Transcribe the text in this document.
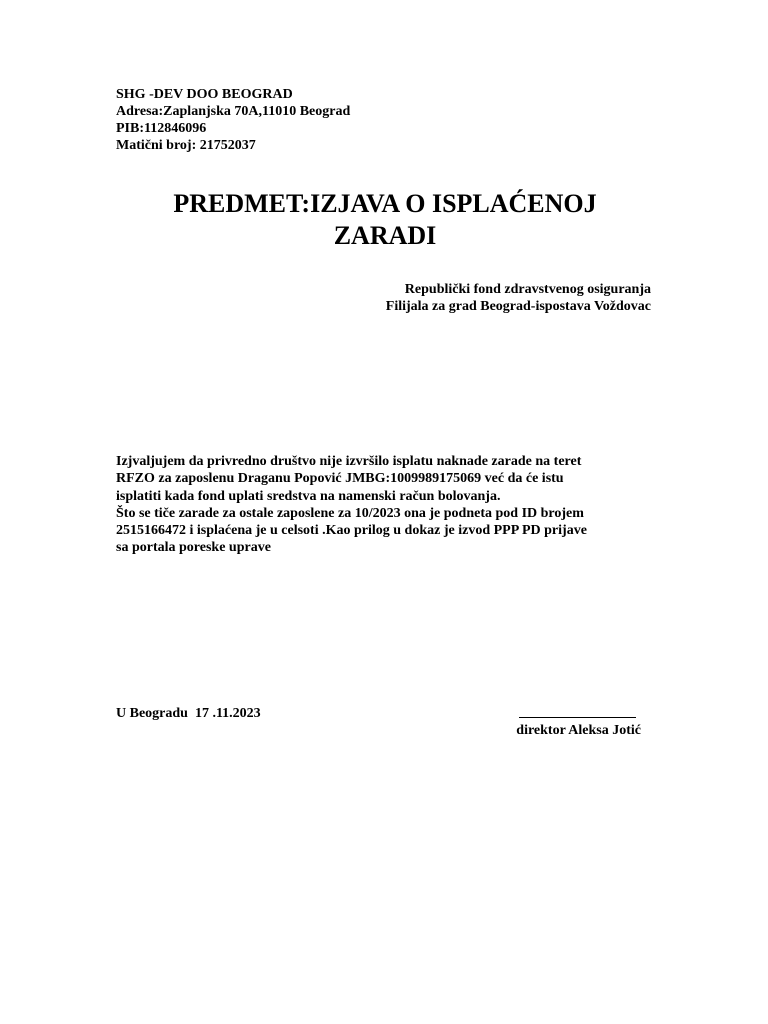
SHG -DEV DOO BEOGRAD
Adresa:Zaplanjska 70A,11010 Beograd
PIB:112846096
Matični broj: 21752037
PREDMET:IZJAVA O ISPLAĆENOJ
ZARADI
Republički fond zdravstvenog osiguranja
Filijala za grad Beograd-ispostava Voždovac
Izjvaljujem da privredno društvo nije izvršilo isplatu naknade zarade na teret
RFZO za zaposlenu Draganu Popović JMBG:1009989175069 već da će istu
isplatiti kada fond uplati sredstva na namenski račun bolovanja.
Što se tiče zarade za ostale zaposlene za 10/2023 ona je podneta pod ID brojem
2515166472 i isplaćena je u celsoti .Kao prilog u dokaz je izvod PPP PD prijave
sa portala poreske uprave
U Beogradu  17 .11.2023
direktor Aleksa Jotić
